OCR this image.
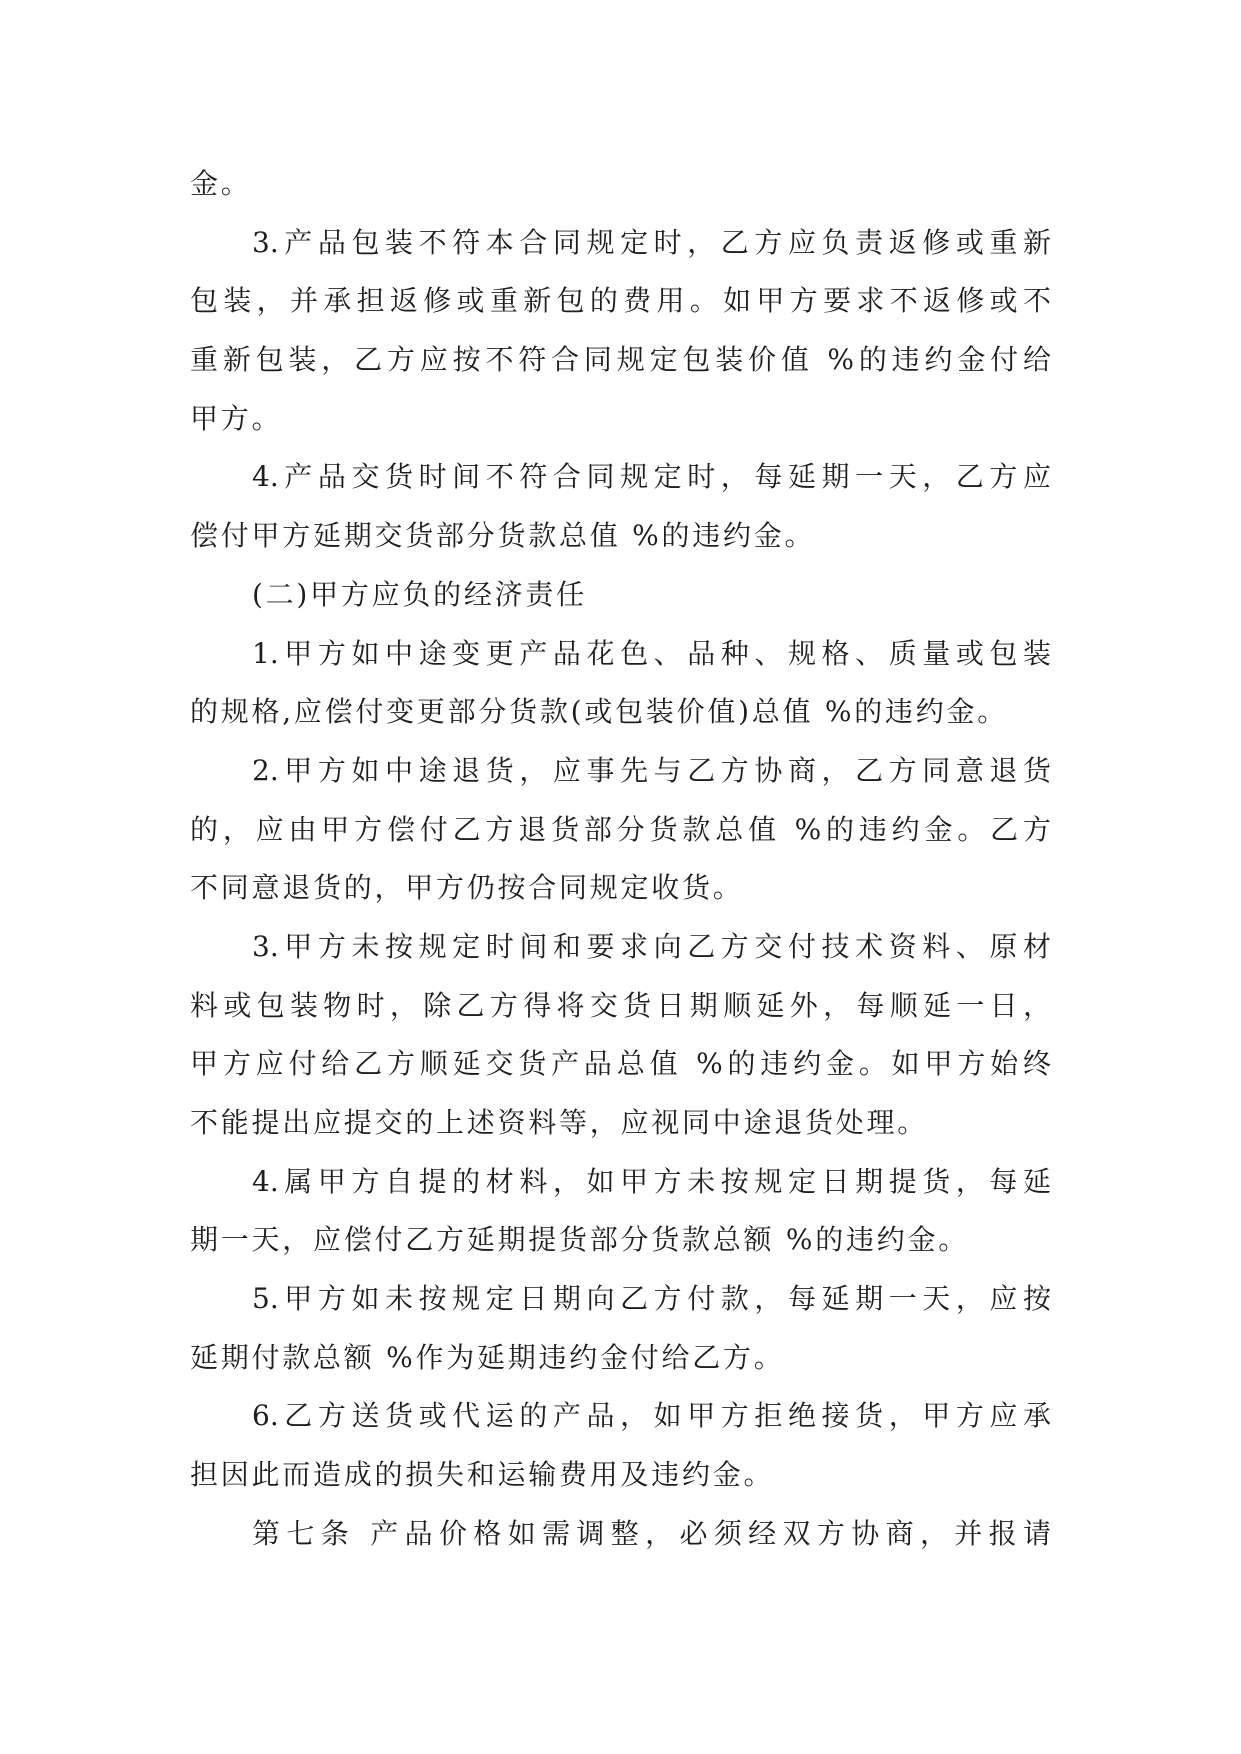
金。
3.产品包装不符本合同规定时，乙方应负责返修或重新
包装，并承担返修或重新包的费用。如甲方要求不返修或不
重新包装，乙方应按不符合同规定包装价值 %的违约金付给
甲方。
4.产品交货时间不符合同规定时，每延期一天，乙方应
偿付甲方延期交货部分货款总值 %的违约金。
(二)甲方应负的经济责任
1.甲方如中途变更产品花色、品种、规格、质量或包装
的规格,应偿付变更部分货款(或包装价值)总值 %的违约金。
2.甲方如中途退货，应事先与乙方协商，乙方同意退货
的，应由甲方偿付乙方退货部分货款总值 %的违约金。乙方
不同意退货的，甲方仍按合同规定收货。
3.甲方未按规定时间和要求向乙方交付技术资料、原材
料或包装物时，除乙方得将交货日期顺延外，每顺延一日，
甲方应付给乙方顺延交货产品总值 %的违约金。如甲方始终
不能提出应提交的上述资料等，应视同中途退货处理。
4.属甲方自提的材料，如甲方未按规定日期提货，每延
期一天，应偿付乙方延期提货部分货款总额 %的违约金。
5.甲方如未按规定日期向乙方付款，每延期一天，应按
延期付款总额 %作为延期违约金付给乙方。
6.乙方送货或代运的产品，如甲方拒绝接货，甲方应承
担因此而造成的损失和运输费用及违约金。
第七条 产品价格如需调整，必须经双方协商，并报请
